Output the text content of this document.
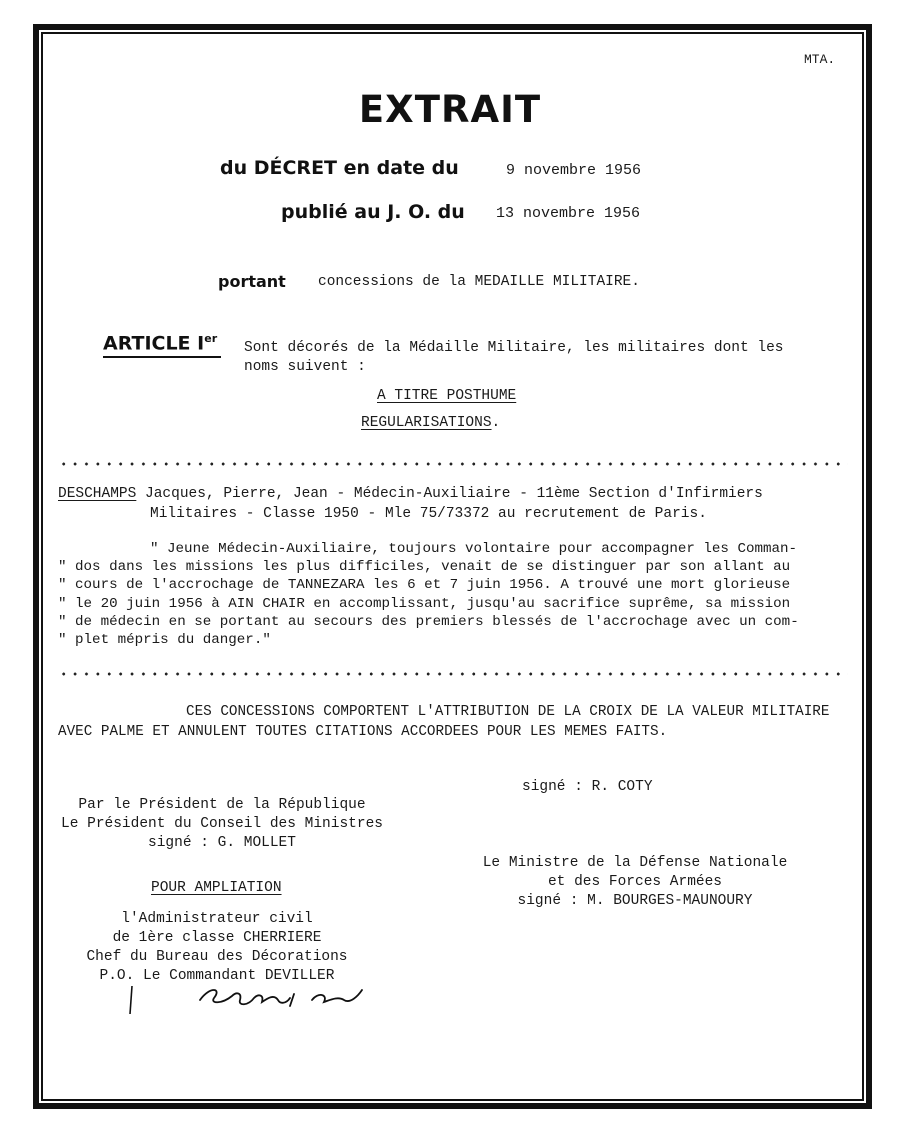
MTA.
EXTRAIT
du DÉCRET en date du	9 novembre 1956
publié au J. O. du 13 novembre 1956
portant concessions de la MEDAILLE MILITAIRE.
ARTICLE Ier
Sont décorés de la Médaille Militaire, les militaires dont les
noms suivent :
A TITRE POSTHUME
REGULARISATIONS.
DESCHAMPS Jacques, Pierre, Jean - Médecin-Auxiliaire - 11ème Section d'Infirmiers
Militaires - Classe 1950 - Mle 75/73372 au recrutement de Paris.
" Jeune Médecin-Auxiliaire, toujours volontaire pour accompagner les Comman-
" dos dans les missions les plus difficiles, venait de se distinguer par son allant au
" cours de l'accrochage de TANNEZARA les 6 et 7 juin 1956. A trouvé une mort glorieuse
" le 20 juin 1956 à AIN CHAIR en accomplissant, jusqu'au sacrifice suprême, sa mission
" de médecin en se portant au secours des premiers blessés de l'accrochage avec un com-
" plet mépris du danger."
CES CONCESSIONS COMPORTENT L'ATTRIBUTION DE LA CROIX DE LA VALEUR MILITAIRE
AVEC PALME ET ANNULENT TOUTES CITATIONS ACCORDEES POUR LES MEMES FAITS.
signé : R. COTY
Par le Président de la République
Le Président du Conseil des Ministres
signé : G. MOLLET
Le Ministre de la Défense Nationale
et des Forces Armées
signé : M. BOURGES-MAUNOURY
POUR AMPLIATION
l'Administrateur civil
de 1ère classe CHERRIERE
Chef du Bureau des Décorations
P.O. Le Commandant DEVILLER
